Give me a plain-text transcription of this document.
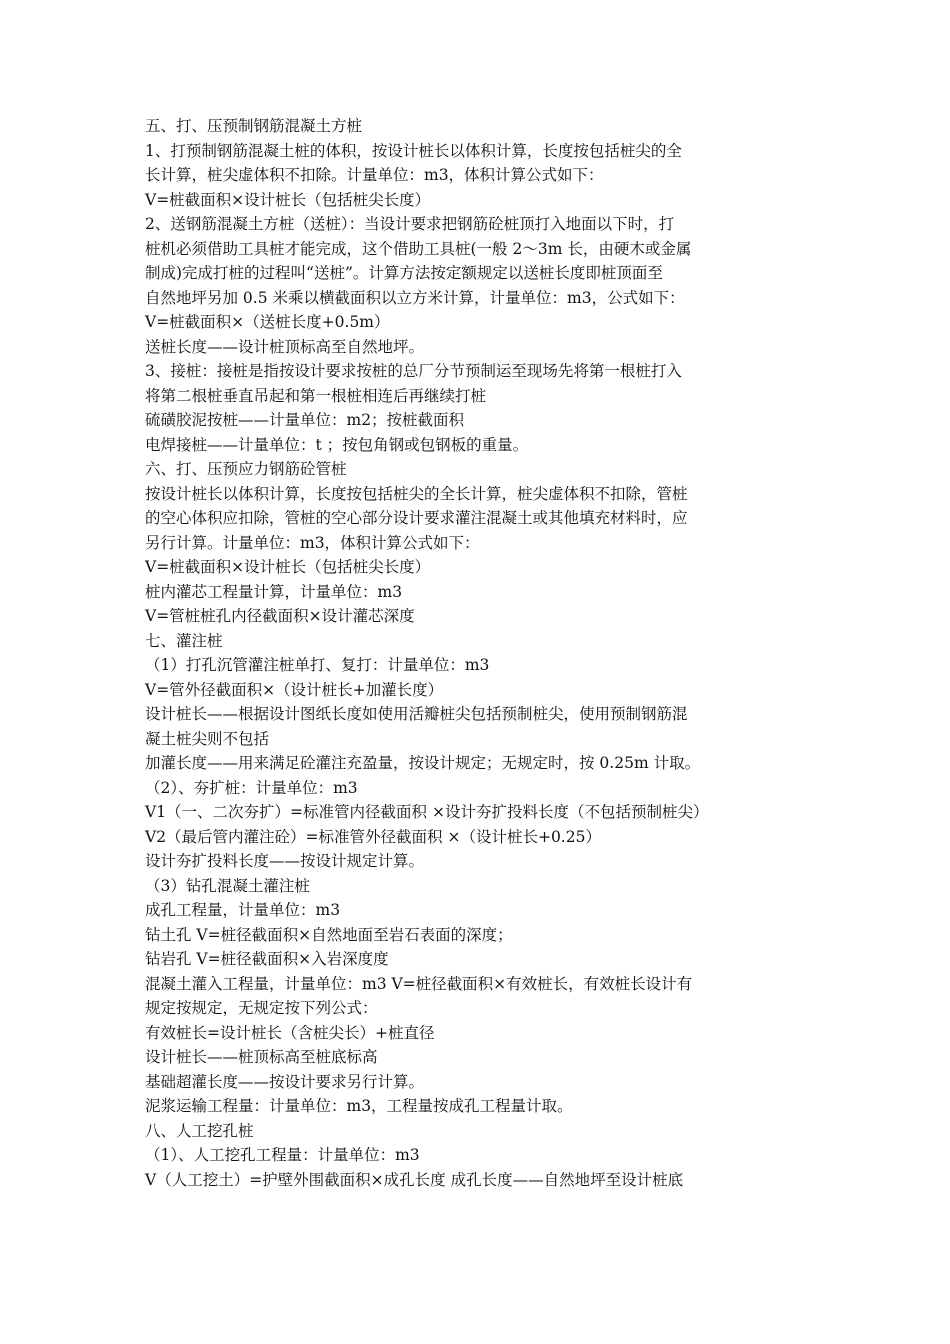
五、打、压预制钢筋混凝土方桩
1、打预制钢筋混凝土桩的体积，按设计桩长以体积计算，长度按包括桩尖的全
长计算，桩尖虚体积不扣除。计量单位：m3，体积计算公式如下：
V=桩截面积×设计桩长（包括桩尖长度）
2、送钢筋混凝土方桩（送桩）：当设计要求把钢筋砼桩顶打入地面以下时，打
桩机必须借助工具桩才能完成，这个借助工具桩(一般 2～3m 长，由硬木或金属
制成)完成打桩的过程叫“送桩”。计算方法按定额规定以送桩长度即桩顶面至
自然地坪另加 0.5 米乘以横截面积以立方米计算，计量单位：m3，公式如下：
V=桩截面积×（送桩长度+0.5m）
送桩长度——设计桩顶标高至自然地坪。
3、接桩：接桩是指按设计要求按桩的总厂分节预制运至现场先将第一根桩打入
将第二根桩垂直吊起和第一根桩相连后再继续打桩
硫磺胶泥按桩——计量单位：m2；按桩截面积
电焊接桩——计量单位：t ；按包角钢或包钢板的重量。
六、打、压预应力钢筋砼管桩
按设计桩长以体积计算，长度按包括桩尖的全长计算，桩尖虚体积不扣除，管桩
的空心体积应扣除，管桩的空心部分设计要求灌注混凝土或其他填充材料时，应
另行计算。计量单位：m3，体积计算公式如下：
V=桩截面积×设计桩长（包括桩尖长度）
桩内灌芯工程量计算，计量单位：m3
V=管桩桩孔内径截面积×设计灌芯深度
七、灌注桩
（1）打孔沉管灌注桩单打、复打：计量单位：m3
V=管外径截面积×（设计桩长+加灌长度）
设计桩长——根据设计图纸长度如使用活瓣桩尖包括预制桩尖，使用预制钢筋混
凝土桩尖则不包括
加灌长度——用来满足砼灌注充盈量，按设计规定；无规定时，按 0.25m 计取。
（2）、夯扩桩：计量单位：m3
V1（一、二次夯扩）=标准管内径截面积 ×设计夯扩投料长度（不包括预制桩尖）
V2（最后管内灌注砼）=标准管外径截面积 ×（设计桩长+0.25）
设计夯扩投料长度——按设计规定计算。
（3）钻孔混凝土灌注桩
成孔工程量，计量单位：m3
钻土孔 V=桩径截面积×自然地面至岩石表面的深度；
钻岩孔 V=桩径截面积×入岩深度度
混凝土灌入工程量，计量单位：m3 V=桩径截面积×有效桩长，有效桩长设计有
规定按规定，无规定按下列公式：
有效桩长=设计桩长（含桩尖长）+桩直径
设计桩长——桩顶标高至桩底标高
基础超灌长度——按设计要求另行计算。
泥浆运输工程量：计量单位：m3，工程量按成孔工程量计取。
八、人工挖孔桩
（1）、人工挖孔工程量：计量单位：m3
V（人工挖土）=护壁外围截面积×成孔长度 成孔长度——自然地坪至设计桩底
